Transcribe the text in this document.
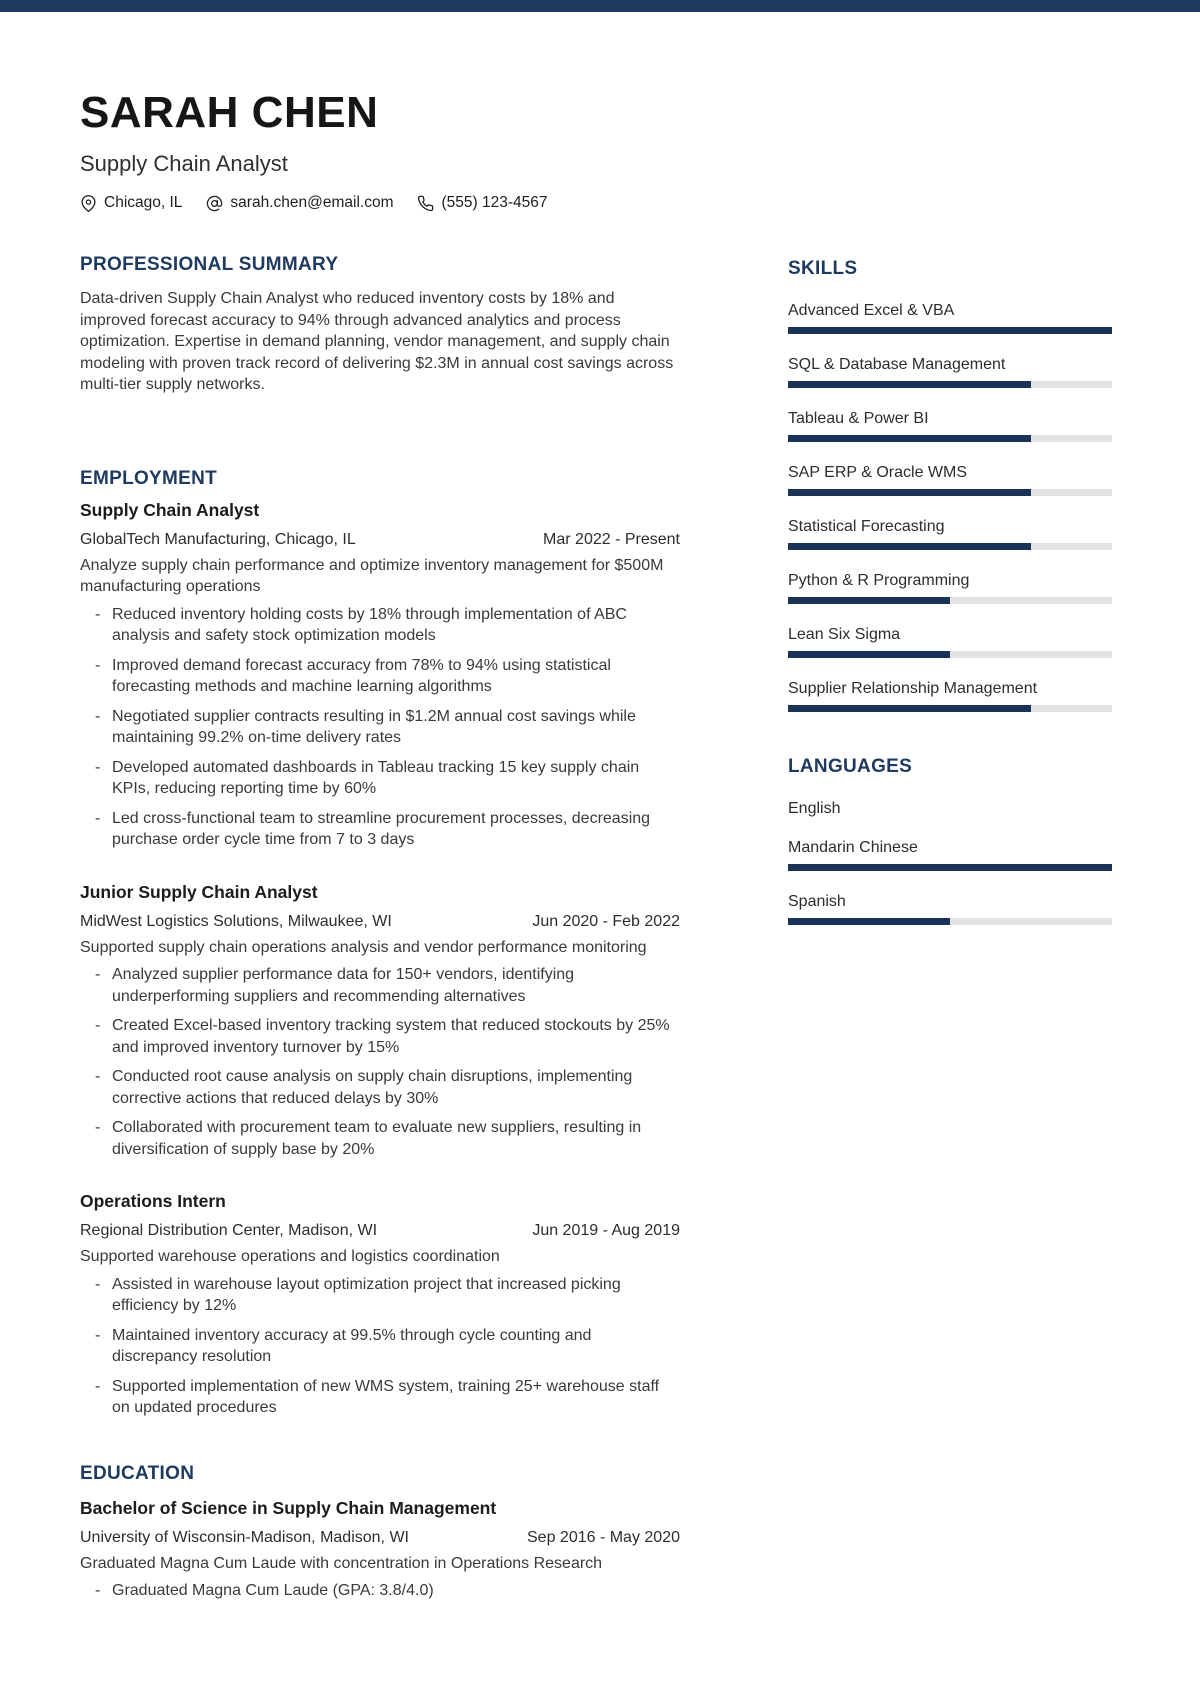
SARAH CHEN
Supply Chain Analyst
Chicago, IL	sarah.chen@email.com	(555) 123-4567
PROFESSIONAL SUMMARY
Data-driven Supply Chain Analyst who reduced inventory costs by 18% and improved forecast accuracy to 94% through advanced analytics and process optimization. Expertise in demand planning, vendor management, and supply chain modeling with proven track record of delivering $2.3M in annual cost savings across multi-tier supply networks.
EMPLOYMENT
Supply Chain Analyst
GlobalTech Manufacturing, Chicago, IL	Mar 2022 - Present
Analyze supply chain performance and optimize inventory management for $500M manufacturing operations
- Reduced inventory holding costs by 18% through implementation of ABC analysis and safety stock optimization models
- Improved demand forecast accuracy from 78% to 94% using statistical forecasting methods and machine learning algorithms
- Negotiated supplier contracts resulting in $1.2M annual cost savings while maintaining 99.2% on-time delivery rates
- Developed automated dashboards in Tableau tracking 15 key supply chain KPIs, reducing reporting time by 60%
- Led cross-functional team to streamline procurement processes, decreasing purchase order cycle time from 7 to 3 days
Junior Supply Chain Analyst
MidWest Logistics Solutions, Milwaukee, WI	Jun 2020 - Feb 2022
Supported supply chain operations analysis and vendor performance monitoring
- Analyzed supplier performance data for 150+ vendors, identifying underperforming suppliers and recommending alternatives
- Created Excel-based inventory tracking system that reduced stockouts by 25% and improved inventory turnover by 15%
- Conducted root cause analysis on supply chain disruptions, implementing corrective actions that reduced delays by 30%
- Collaborated with procurement team to evaluate new suppliers, resulting in diversification of supply base by 20%
Operations Intern
Regional Distribution Center, Madison, WI	Jun 2019 - Aug 2019
Supported warehouse operations and logistics coordination
- Assisted in warehouse layout optimization project that increased picking efficiency by 12%
- Maintained inventory accuracy at 99.5% through cycle counting and discrepancy resolution
- Supported implementation of new WMS system, training 25+ warehouse staff on updated procedures
EDUCATION
Bachelor of Science in Supply Chain Management
University of Wisconsin-Madison, Madison, WI	Sep 2016 - May 2020
Graduated Magna Cum Laude with concentration in Operations Research
- Graduated Magna Cum Laude (GPA: 3.8/4.0)
SKILLS
Advanced Excel & VBA
SQL & Database Management
Tableau & Power BI
SAP ERP & Oracle WMS
Statistical Forecasting
Python & R Programming
Lean Six Sigma
Supplier Relationship Management
LANGUAGES
English
Mandarin Chinese
Spanish
